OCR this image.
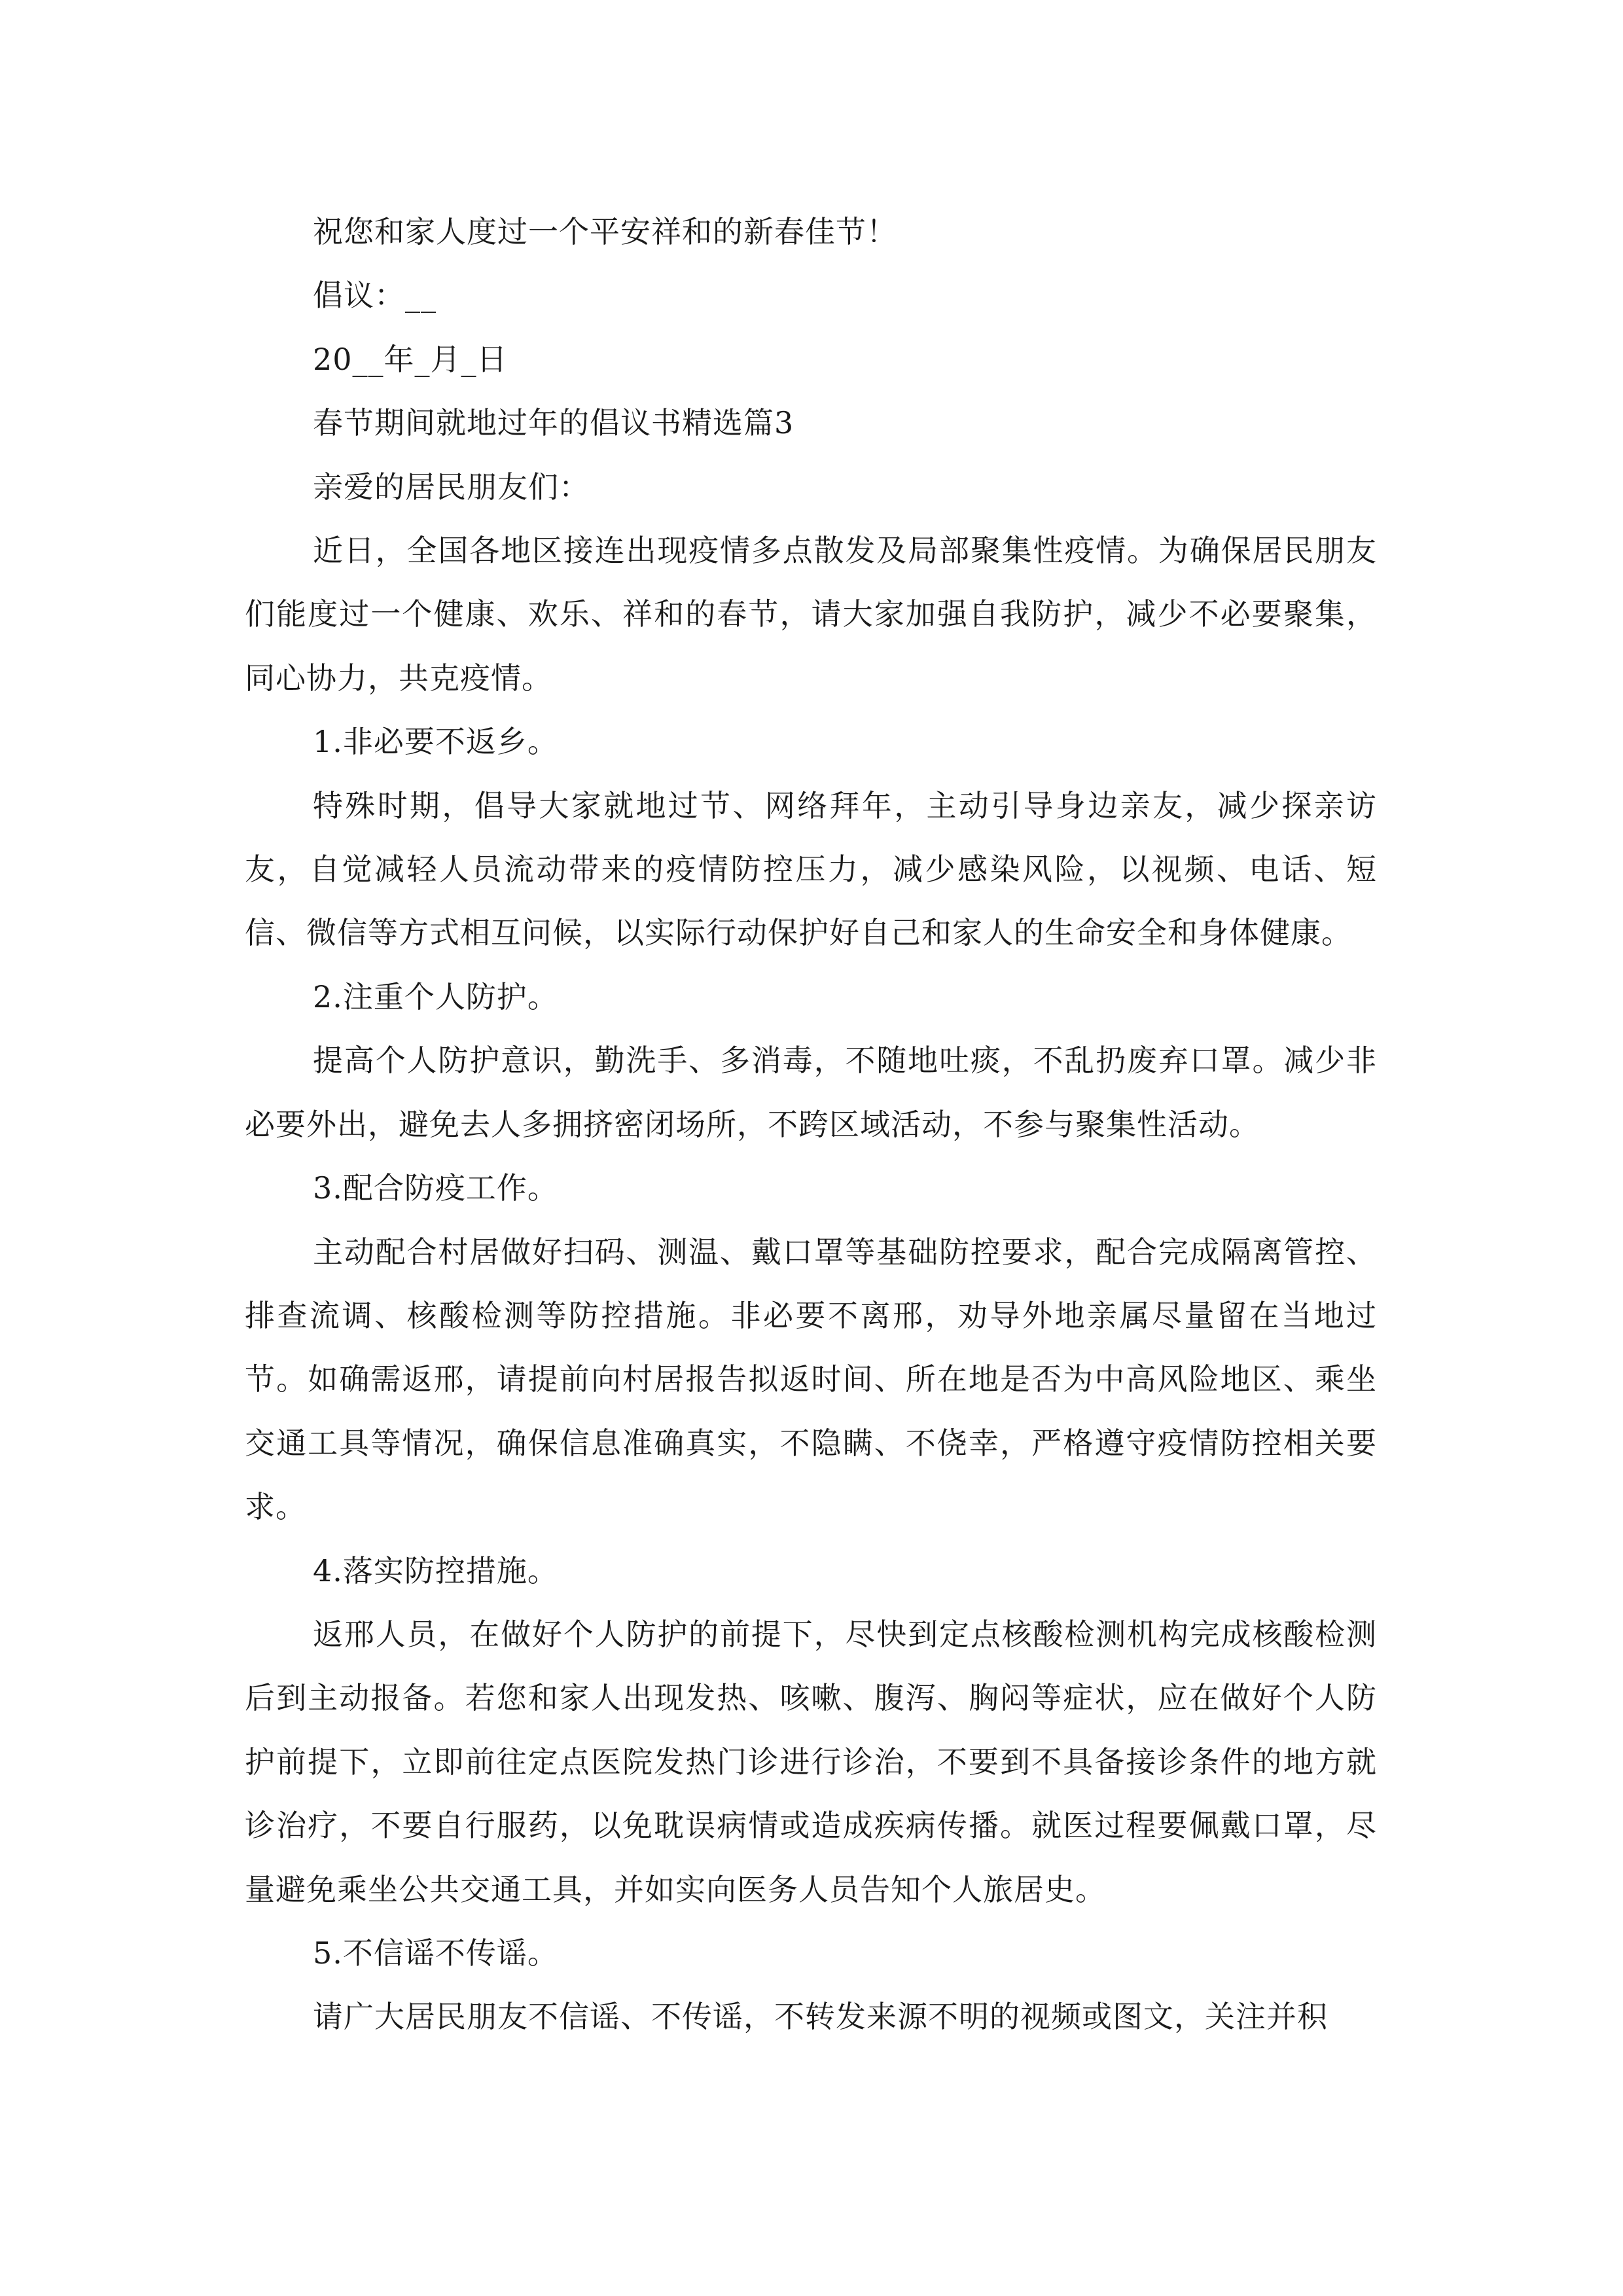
祝您和家人度过一个平安祥和的新春佳节！

倡议：__

20__年_月_日

春节期间就地过年的倡议书精选篇3

亲爱的居民朋友们：

近日，全国各地区接连出现疫情多点散发及局部聚集性疫情。为确保居民朋友们能度过一个健康、欢乐、祥和的春节，请大家加强自我防护，减少不必要聚集，同心协力，共克疫情。

1.非必要不返乡。

特殊时期，倡导大家就地过节、网络拜年，主动引导身边亲友，减少探亲访友，自觉减轻人员流动带来的疫情防控压力，减少感染风险，以视频、电话、短信、微信等方式相互问候，以实际行动保护好自己和家人的生命安全和身体健康。

2.注重个人防护。

提高个人防护意识，勤洗手、多消毒，不随地吐痰，不乱扔废弃口罩。减少非必要外出，避免去人多拥挤密闭场所，不跨区域活动，不参与聚集性活动。

3.配合防疫工作。

主动配合村居做好扫码、测温、戴口罩等基础防控要求，配合完成隔离管控、排查流调、核酸检测等防控措施。非必要不离邢，劝导外地亲属尽量留在当地过节。如确需返邢，请提前向村居报告拟返时间、所在地是否为中高风险地区、乘坐交通工具等情况，确保信息准确真实，不隐瞒、不侥幸，严格遵守疫情防控相关要求。

4.落实防控措施。

返邢人员，在做好个人防护的前提下，尽快到定点核酸检测机构完成核酸检测后到主动报备。若您和家人出现发热、咳嗽、腹泻、胸闷等症状，应在做好个人防护前提下，立即前往定点医院发热门诊进行诊治，不要到不具备接诊条件的地方就诊治疗，不要自行服药，以免耽误病情或造成疾病传播。就医过程要佩戴口罩，尽量避免乘坐公共交通工具，并如实向医务人员告知个人旅居史。

5.不信谣不传谣。

请广大居民朋友不信谣、不传谣，不转发来源不明的视频或图文，关注并积
